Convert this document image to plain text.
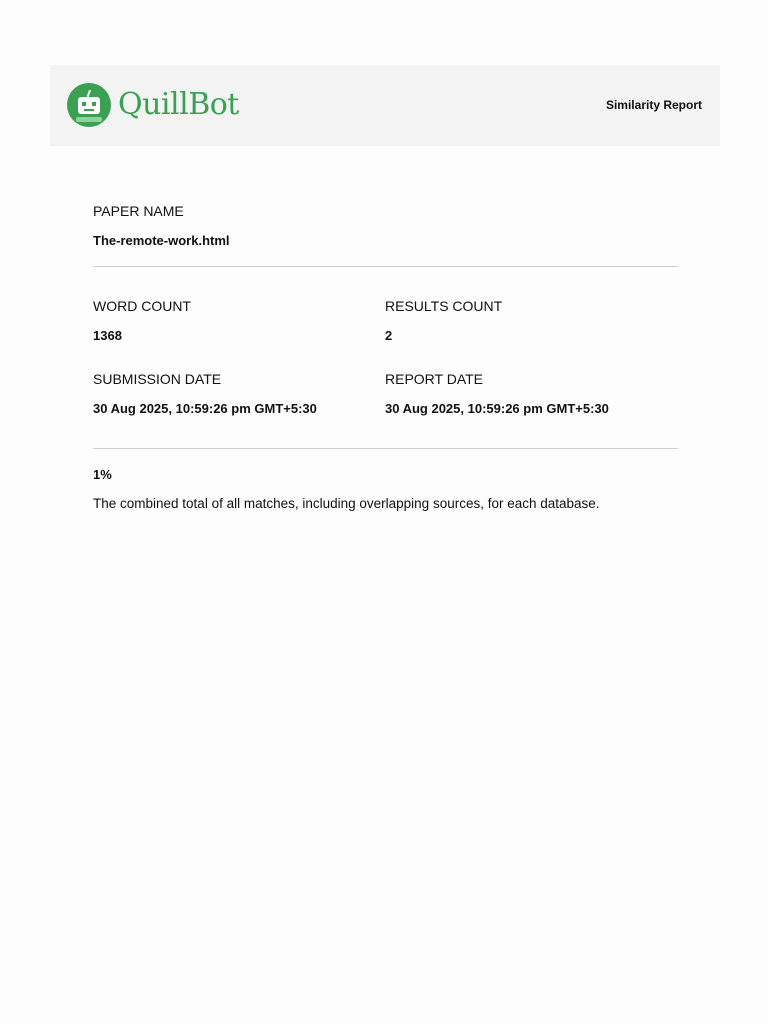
QuillBot	Similarity Report
PAPER NAME
The-remote-work.html
WORD COUNT
1368
RESULTS COUNT
2
SUBMISSION DATE
30 Aug 2025, 10:59:26 pm GMT+5:30
REPORT DATE
30 Aug 2025, 10:59:26 pm GMT+5:30
1%
The combined total of all matches, including overlapping sources, for each database.
